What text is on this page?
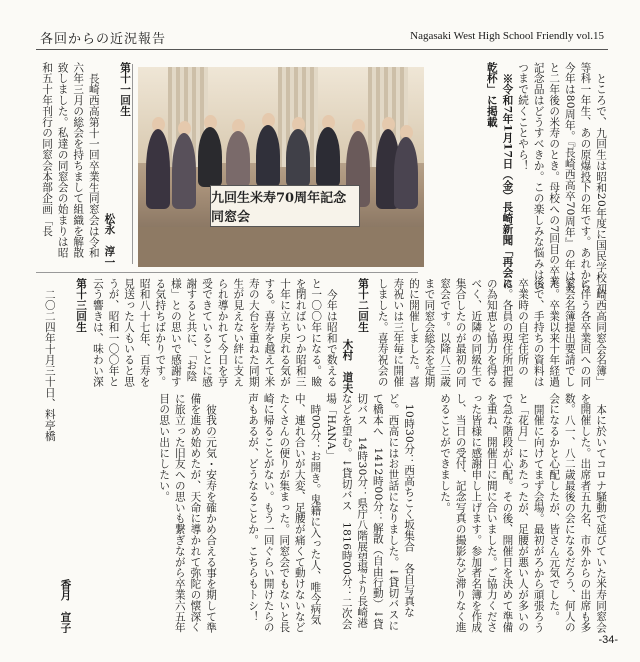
各回からの近況報告	Nagasaki West High School Friendly vol.15

ところで、九回生は昭和20年度に国民学校初等科一年生、あの原爆投下の年です。あれから今年は80周年。『長崎西高卒70周年』の年はあと二年後の米寿のとき。母校への7回目の卒業記念品はどうすべきか。この楽しみな悩みはいつまで続くことやら！

※令和7年1月17日（金）長崎新聞「再会に乾杯」に掲載

九回生米寿70周年記念同窓会
第十一回生
松永　淳一

長崎西高第十一回卒業生同窓会は令和六年三月の総会を持ちまして組織を解散致しました。私達の同窓会の始まりは昭和五十年刊行の同窓会本部企画「長

崎西高同窓会名簿」に伴う各卒業回への同窓会名簿提出要請でした。卒業以来十年経過後で、手持ちの資料は卒業時の自宅住所のみ。各員の現住所把握の為知恵と協力を得るべく、近隣の同級生で集合したのが最初の同窓会です。以降八三歳まで同窓会総会を定期的に開催しました。喜寿祝いは三年毎に開催しました。喜寿祝会の

本に於いてコロナ騒動で延びていた米寿同窓会を開催した。出席者五九名、市外からの出席も多数。八一、八二歳最後の会になるだろう、何人の会になるかと心配したが、皆さん元気でした。

開催に向けてまず会場。最初がろから頑張ろうと「花月」にあたったが、足腰が悪い人が多いので急な階段が心配。その後、開催日を決めて準備を重ね、開催日に間に合いました。ご協力くださった皆様に感謝申し上げます。参加者名簿を作成し、当日の受付、記念写真の撮影など滞りなく進めることができました。

10時30分：西高ちこく坂集合　各自写真など。西高にはお世話になりました。↓貸切バスにて橋本へ　1412時00分：解散（自由行動）↓貸切バス　14時30分：県庁八階展望場より長崎港などを望む。↓貸切バス　1816時00分：二次会場「HANA」

時00分：お開き。鬼籍に入った人、唯今病気中、連れ合いが大変、足腰が痛くて動けないなどたくさんの便りが集まった。同窓会でもないと長崎に帰ることがない。もう一回ぐらい開けたらの声もあるが、どうなることか。こちらもトシ！

第十二回生
木村　道夫

今年は昭和で数えると一〇〇年になる。瞼を閉ればいつか昭和三十年に立ち戻れる気がする。喜寿を越えて米寿の大台を重ねた同期生が見えない絆に支えられ導かれて今日を亨受できていることに感謝すると共に、「お陰様」との思いで感謝する気持ちばかりです。昭和八十七年、百寿を見送った人もいると思うが、昭和一〇〇年と云う響きは、味わい深

彼我の元気・安寿を確かめ合える事を期して準備を進め始めたが、天命に導かれて弥陀の懐深くに旅立った旧友への思いも繋ぎながら卒業六五年目の思い出にしたい。

第十三回生
香月　宣子

二〇二四年十月三十日、料亭橋

-34-
